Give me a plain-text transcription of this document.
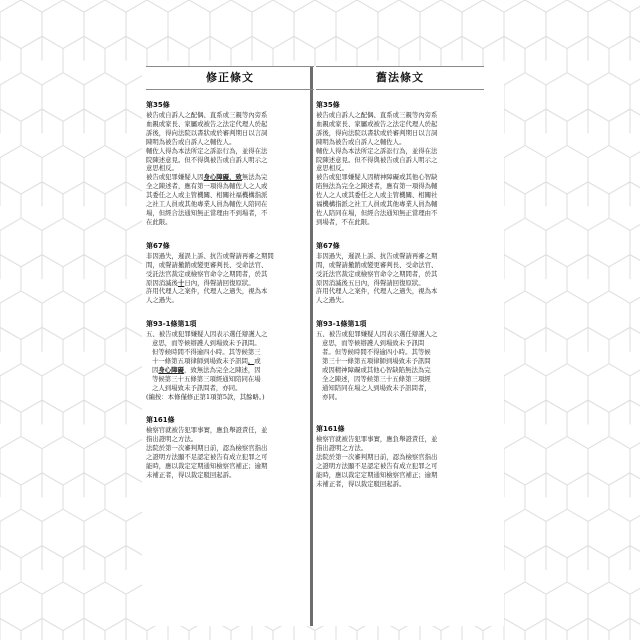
修正條文
第35條
被告或自訴人之配偶、直系或三親等內旁系
血親或家長、家屬或被告之法定代理人於起
訴後，得向法院以書狀或於審判期日以言詞
陳明為被告或自訴人之輔佐人。
輔佐人得為本法所定之訴訟行為，並得在法
院陳述意見。但不得與被告或自訴人明示之
意思相反。
被告或犯罪嫌疑人因身心障礙，致無法為完
全之陳述者，應有第一項得為輔佐人之人或
其委任之人或主管機關、相關社福機構指派
之社工人員或其他專業人員為輔佐人陪同在
場，但經合法通知無正當理由不到場者，不
在此限。
第67條
非因過失，遲誤上訴、抗告或聲請再審之期間
間，或聲請撤銷或變更審判長、受命法官、
受託法官裁定或檢察官命令之期間者，於其
原因消滅後十日內，得聲請回復原狀。
許用代理人之案件，代理人之過失，視為本
人之過失。
第93-1條第1項
五、被告或犯罪嫌疑人因表示選任辯護人之
意思，而等候辯護人到場致未予訊問。
但等候時間不得逾四小時。其等候第三
十一條第五項律師到場致未予訊問，或
因身心障礙，致無法為完全之陳述，因
等候第三十五條第三項經通知陪同在場
之人到場致未予訊問者，亦同。
(編按：本條僅修正第1項第5款，其餘略。)
第161條
檢察官就被告犯罪事實，應負舉證責任，並
指出證明之方法。
法院於第一次審判期日前，認為檢察官指出
之證明方法顯不足認定被告有成立犯罪之可
能時，應以裁定定期通知檢察官補正；逾期
未補正者，得以裁定駁回起訴。
舊法條文
第35條
被告或自訴人之配偶、直系或三親等內旁系
血親或家長、家屬或被告之法定代理人於起
訴後，得向法院以書狀或於審判期日以言詞
陳明為被告或自訴人之輔佐人。
輔佐人得為本法所定之訴訟行為，並得在法
院陳述意見。但不得與被告或自訴人明示之
意思相反。
被告或犯罪嫌疑人因精神障礙或其他心智缺
陷無法為完全之陳述者，應有第一項得為輔
佐人之人或其委任之人或主管機關、相關社
福機構指派之社工人員或其他專業人員為輔
佐人陪同在場，但經合法通知無正當理由不
到場者，不在此限。
第67條
非因過失，遲誤上訴、抗告或聲請再審之期
間，或聲請撤銷或變更審判長、受命法官、
受託法官裁定或檢察官命令之期間者，於其
原因消滅後五日內，得聲請回復原狀。
許用代理人之案件，代理人之過失，視為本
人之過失。
第93-1條第1項
五、被告或犯罪嫌疑人因表示選任辯護人之
意思，而等候辯護人到場致未予訊問
者。但等候時間不得逾四小時。其等候
第三十一條第五項律師到場致未予訊問
或因精神障礙或其他心智缺陷無法為完
全之陳述，因等候第三十五條第三項經
通知陪同在場之人到場致未予訊問者，
亦同。
第161條
檢察官就被告犯罪事實，應負舉證責任，並
指出證明之方法。
法院於第一次審判期日前，認為檢察官指出
之證明方法顯不足認定被告有成立犯罪之可
能時，應以裁定定期通知檢察官補正；逾期
未補正者，得以裁定駁回起訴。
